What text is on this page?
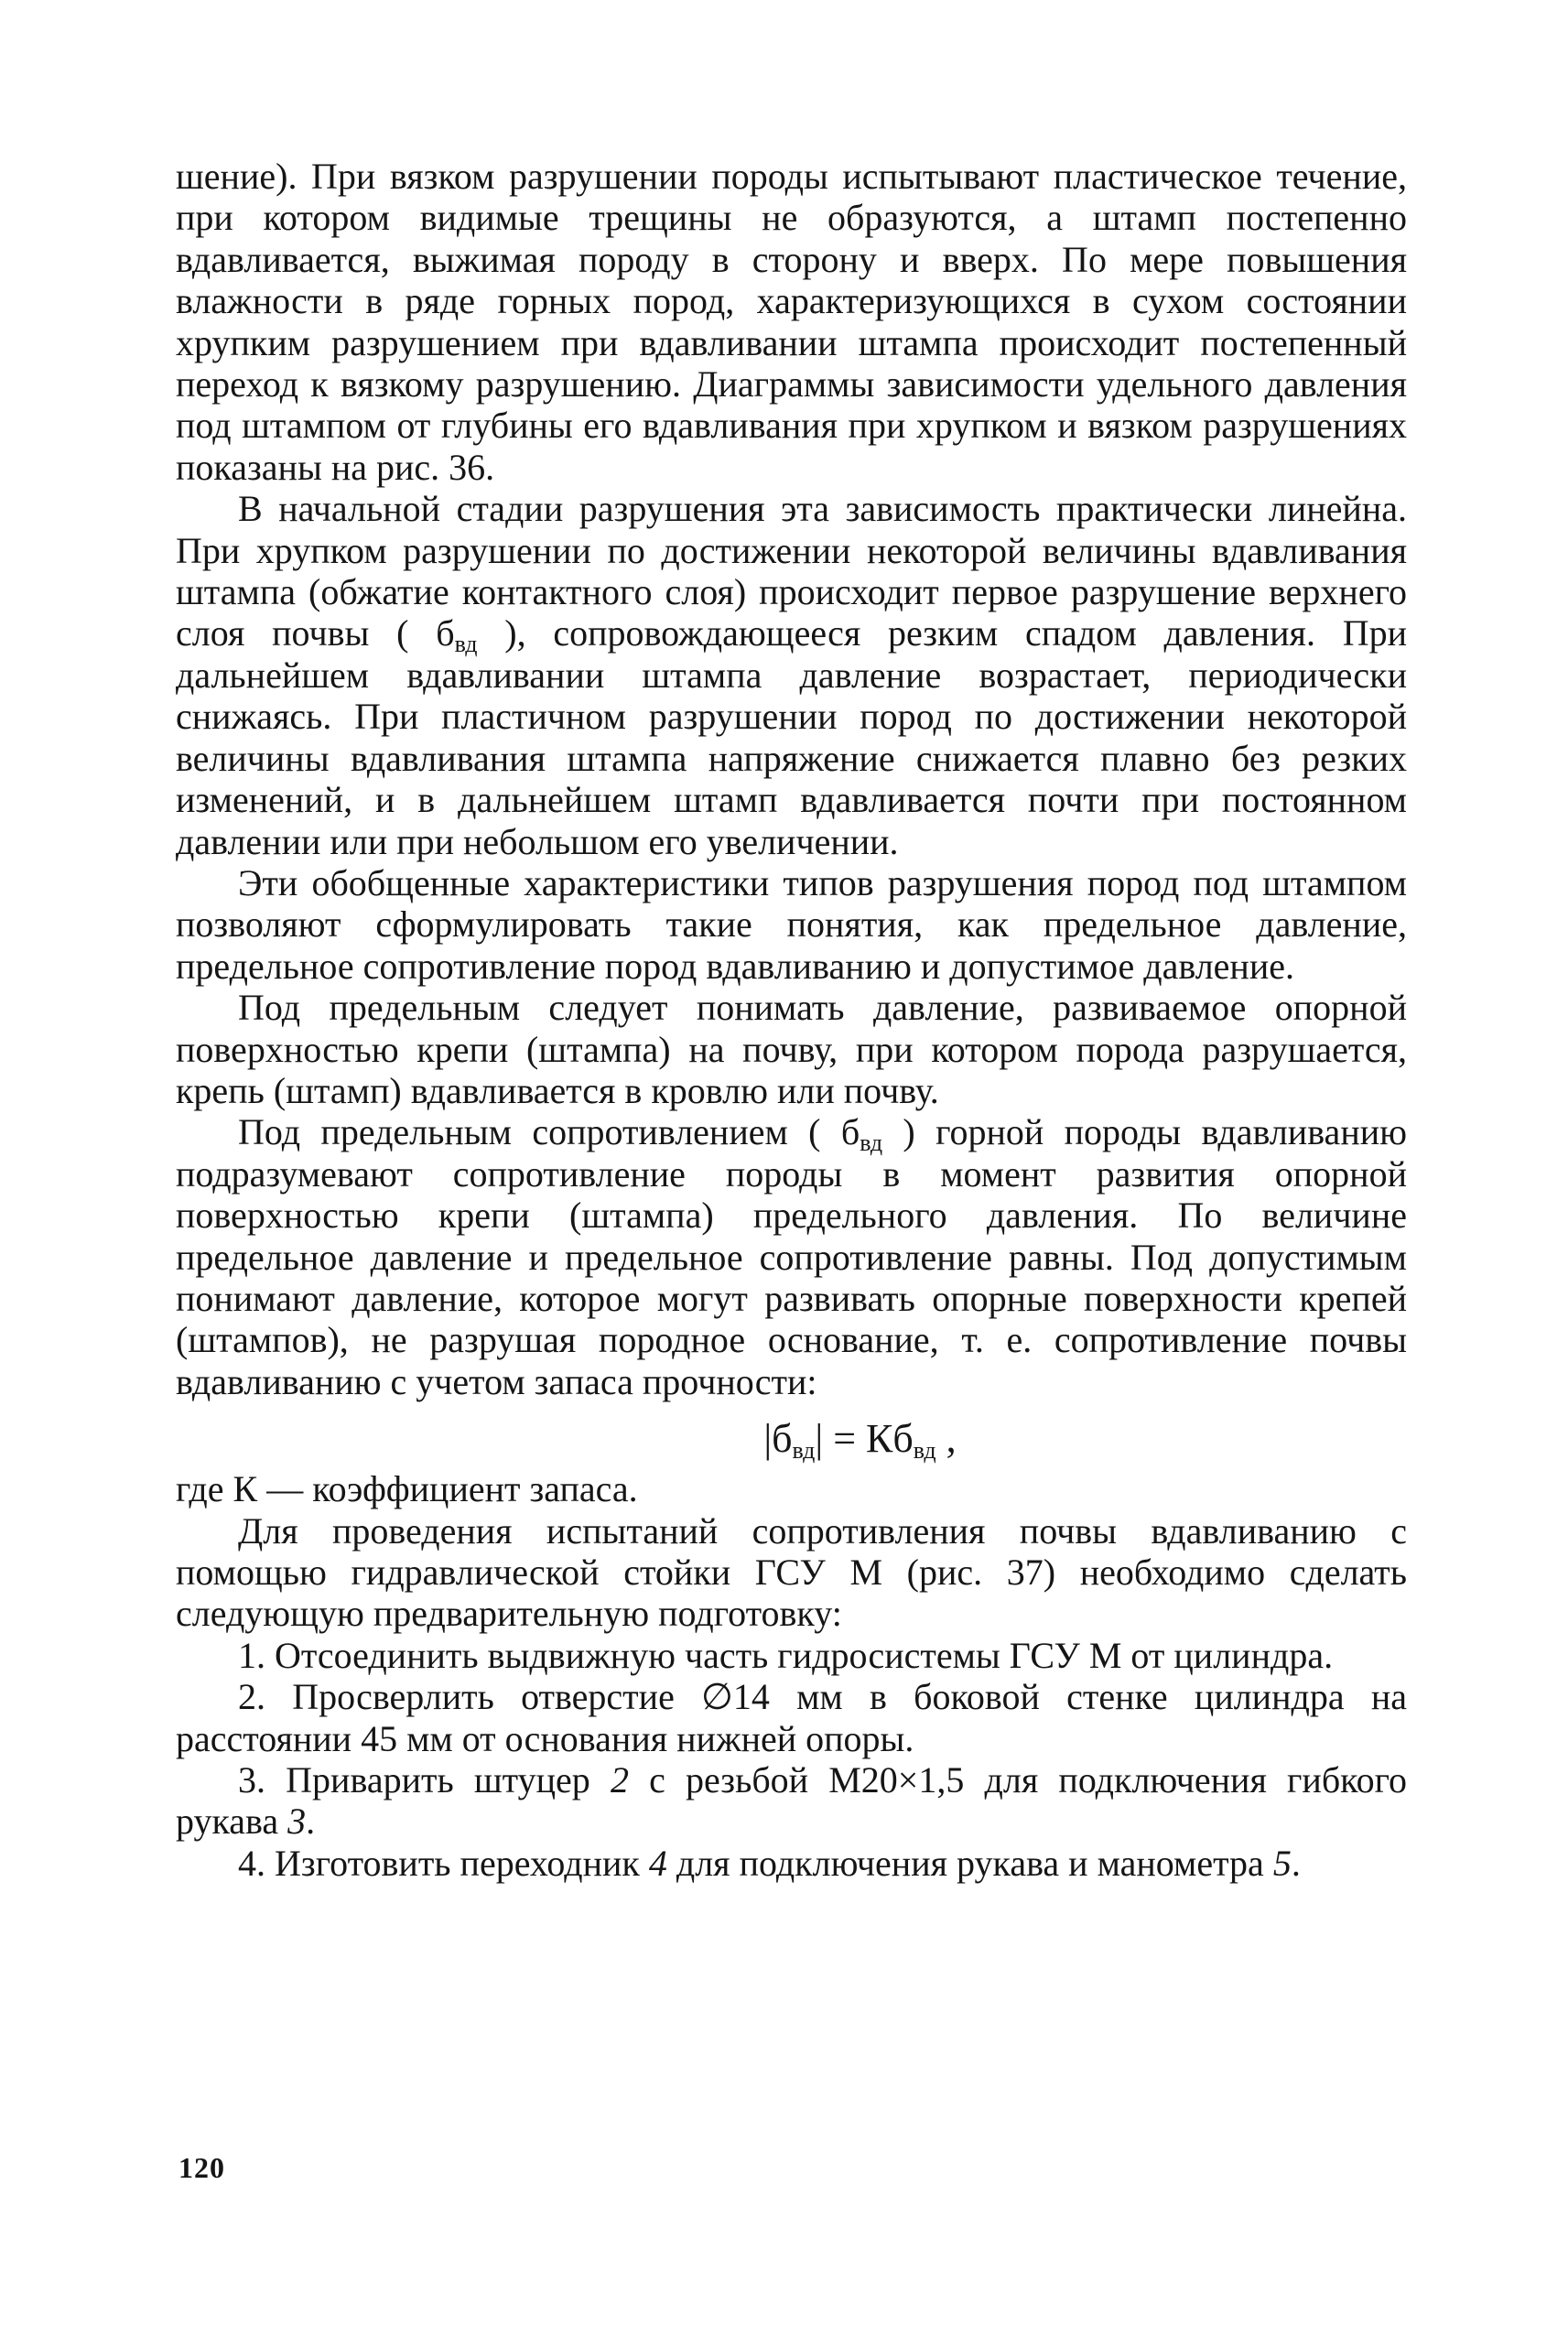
шение). При вязком разрушении породы испытывают пластическое течение, при котором видимые трещины не образуются, а штамп постепенно вдавливается, выжимая породу в сторону и вверх. По мере повышения влажности в ряде горных пород, характеризующихся в сухом состоянии хрупким разрушением при вдавливании штампа происходит постепенный переход к вязкому разрушению. Диаграммы зависимости удельного давления под штампом от глубины его вдавливания при хрупком и вязком разрушениях показаны на рис. 36.

В начальной стадии разрушения эта зависимость практически линейна. При хрупком разрушении по достижении некоторой величины вдавливания штампа (обжатие контактного слоя) происходит первое разрушение верхнего слоя почвы ( $б_{вд}$ ), сопровождающееся резким спадом давления. При дальнейшем вдавливании штампа давление возрастает, периодически снижаясь. При пластичном разрушении пород по достижении некоторой величины вдавливания штампа напряжение снижается плавно без резких изменений, и в дальнейшем штамп вдавливается почти при постоянном давлении или при небольшом его увеличении.

Эти обобщенные характеристики типов разрушения пород под штампом позволяют сформулировать такие понятия, как предельное давление, предельное сопротивление пород вдавливанию и допустимое давление.

Под предельным следует понимать давление, развиваемое опорной поверхностью крепи (штампа) на почву, при котором порода разрушается, крепь (штамп) вдавливается в кровлю или почву.

Под предельным сопротивлением ( $б_{вд}$ ) горной породы вдавливанию подразумевают сопротивление породы в момент развития опорной поверхностью крепи (штампа) предельного давления. По величине предельное давление и предельное сопротивление равны. Под допустимым понимают давление, которое могут развивать опорные поверхности крепей (штампов), не разрушая породное основание, т. е. сопротивление почвы вдавливанию с учетом запаса прочности:

$|б_{вд}| = Кб_{вд}$ ,

где К — коэффициент запаса.

Для проведения испытаний сопротивления почвы вдавливанию с помощью гидравлической стойки ГСУ М (рис. 37) необходимо сделать следующую предварительную подготовку:

1. Отсоединить выдвижную часть гидросистемы ГСУ М от цилиндра.

2. Просверлить отверстие ∅14 мм в боковой стенке цилиндра на расстоянии 45 мм от основания нижней опоры.

3. Приварить штуцер 2 с резьбой М20×1,5 для подключения гибкого рукава 3.

4. Изготовить переходник 4 для подключения рукава и манометра 5.

120
